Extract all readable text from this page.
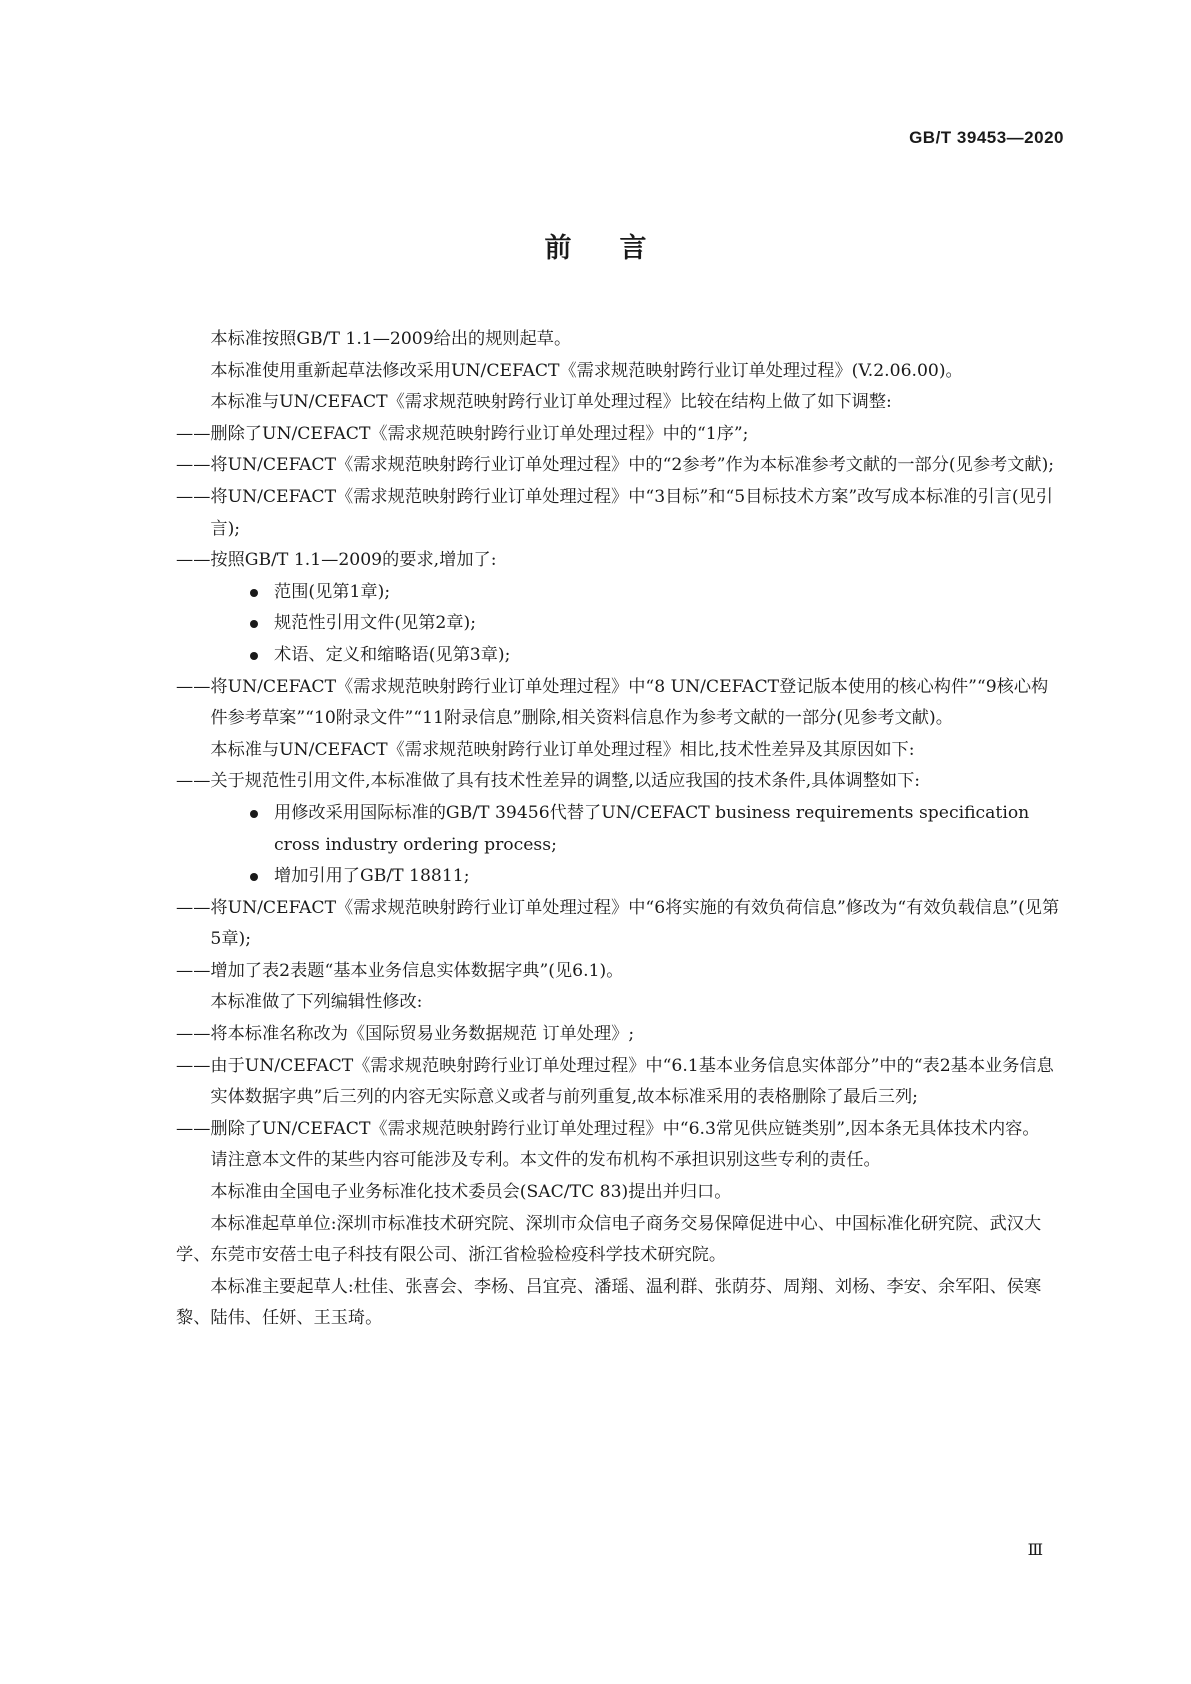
GB/T 39453—2020
前言
本标准按照GB/T 1.1—2009给出的规则起草。
本标准使用重新起草法修改采用UN/CEFACT《需求规范映射跨行业订单处理过程》(V.2.06.00)。
本标准与UN/CEFACT《需求规范映射跨行业订单处理过程》比较在结构上做了如下调整:
—— 删除了UN/CEFACT《需求规范映射跨行业订单处理过程》中的“1序”;
—— 将UN/CEFACT《需求规范映射跨行业订单处理过程》中的“2参考”作为本标准参考文献的一部分(见参考文献);
—— 将UN/CEFACT《需求规范映射跨行业订单处理过程》中“3目标”和“5目标技术方案”改写成本标准的引言(见引言);
—— 按照GB/T 1.1—2009的要求,增加了:
范围(见第1章);
规范性引用文件(见第2章);
术语、定义和缩略语(见第3章);
—— 将UN/CEFACT《需求规范映射跨行业订单处理过程》中“8 UN/CEFACT登记版本使用的核心构件”“9核心构件参考草案”“10附录文件”“11附录信息”删除,相关资料信息作为参考文献的一部分(见参考文献)。
本标准与UN/CEFACT《需求规范映射跨行业订单处理过程》相比,技术性差异及其原因如下:
—— 关于规范性引用文件,本标准做了具有技术性差异的调整,以适应我国的技术条件,具体调整如下:
用修改采用国际标准的GB/T 39456代替了UN/CEFACT business requirements specification cross industry ordering process;
增加引用了GB/T 18811;
—— 将UN/CEFACT《需求规范映射跨行业订单处理过程》中“6将实施的有效负荷信息”修改为“有效负载信息”(见第5章);
—— 增加了表2表题“基本业务信息实体数据字典”(见6.1)。
本标准做了下列编辑性修改:
—— 将本标准名称改为《国际贸易业务数据规范 订单处理》;
—— 由于UN/CEFACT《需求规范映射跨行业订单处理过程》中“6.1基本业务信息实体部分”中的“表2基本业务信息实体数据字典”后三列的内容无实际意义或者与前列重复,故本标准采用的表格删除了最后三列;
—— 删除了UN/CEFACT《需求规范映射跨行业订单处理过程》中“6.3常见供应链类别”,因本条无具体技术内容。
请注意本文件的某些内容可能涉及专利。本文件的发布机构不承担识别这些专利的责任。
本标准由全国电子业务标准化技术委员会(SAC/TC 83)提出并归口。
本标准起草单位:深圳市标准技术研究院、深圳市众信电子商务交易保障促进中心、中国标准化研究院、武汉大学、东莞市安蓓士电子科技有限公司、浙江省检验检疫科学技术研究院。
本标准主要起草人:杜佳、张喜会、李杨、吕宜亮、潘瑶、温利群、张荫芬、周翔、刘杨、李安、余军阳、侯寒黎、陆伟、任妍、王玉琦。
Ⅲ
